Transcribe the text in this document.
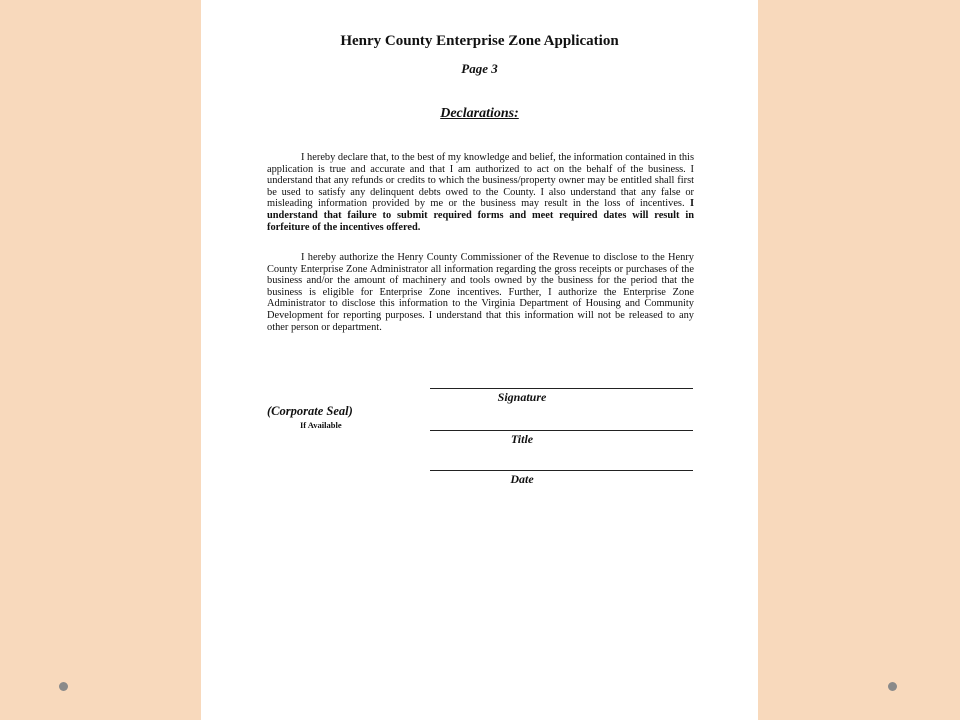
Henry County Enterprise Zone Application
Page 3
Declarations:

I hereby declare that, to the best of my knowledge and belief, the information contained in this application is true and accurate and that I am authorized to act on the behalf of the business. I understand that any refunds or credits to which the business/property owner may be entitled shall first be used to satisfy any delinquent debts owed to the County. I also understand that any false or misleading information provided by me or the business may result in the loss of incentives. I understand that failure to submit required forms and meet required dates will result in forfeiture of the incentives offered.

I hereby authorize the Henry County Commissioner of the Revenue to disclose to the Henry County Enterprise Zone Administrator all information regarding the gross receipts or purchases of the business and/or the amount of machinery and tools owned by the business for the period that the business is eligible for Enterprise Zone incentives. Further, I authorize the Enterprise Zone Administrator to disclose this information to the Virginia Department of Housing and Community Development for reporting purposes. I understand that this information will not be released to any other person or department.

Signature
(Corporate Seal)
If Available
Title
Date
